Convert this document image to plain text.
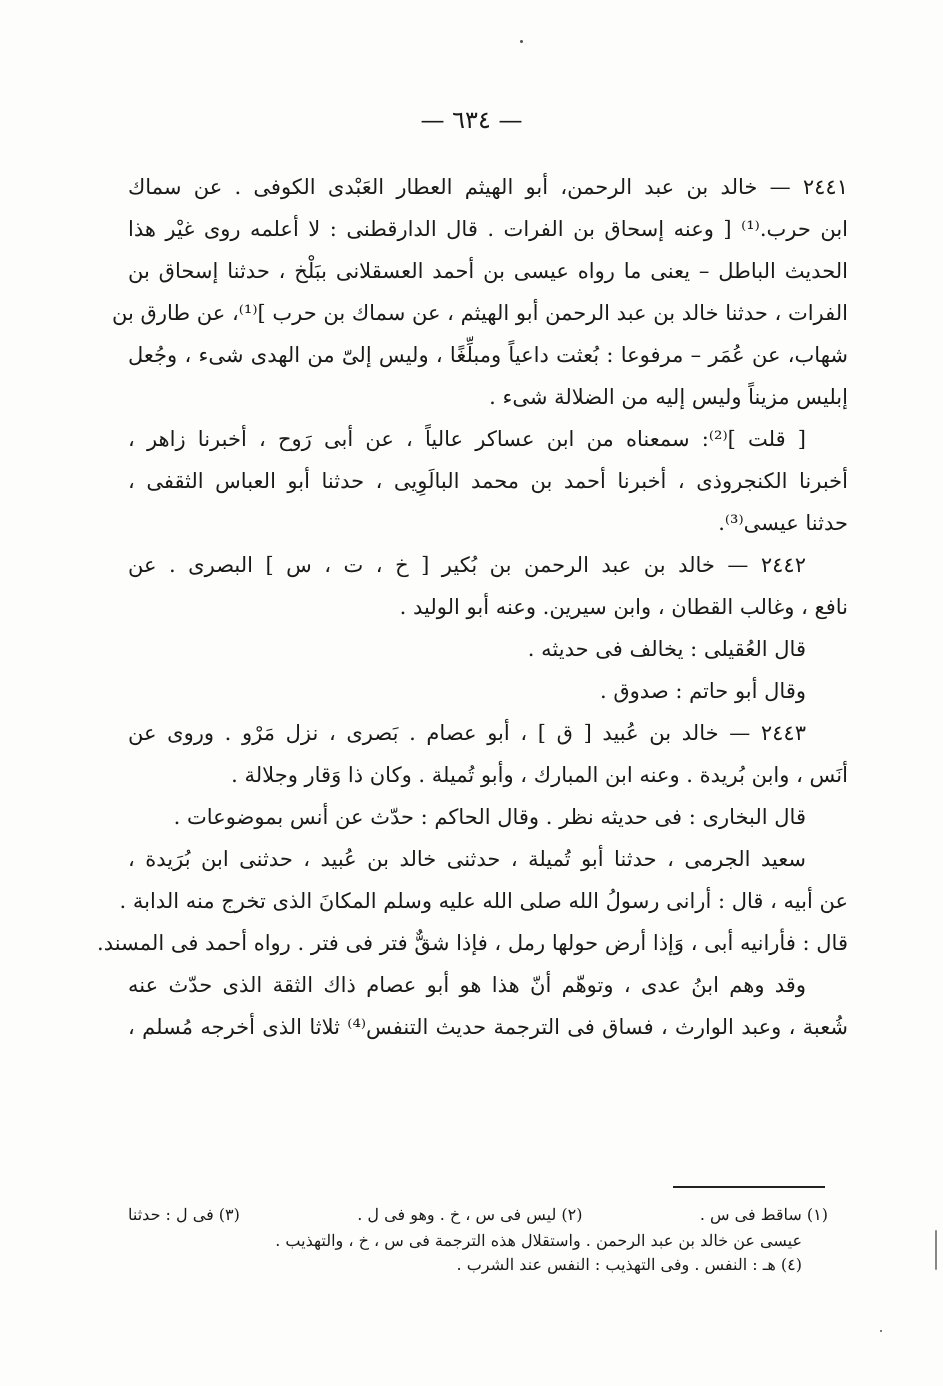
— ٦٣٤ —
٢٤٤١ — خالد بن عبد الرحمن، أبو الهيثم العطار العَبْدى الكوفى . عن سماك
ابن حرب.⁽¹⁾ [ وعنه إسحاق بن الفرات . قال الدارقطنى : لا أعلمه روى غيْر هذا
الحديث الباطل – يعنى ما رواه عيسى بن أحمد العسقلانى ببَلْخ ، حدثنا إسحاق بن
الفرات ، حدثنا خالد بن عبد الرحمن أبو الهيثم ، عن سماك بن حرب ]⁽¹⁾، عن طارق بن
شهاب، عن عُمَر – مرفوعا : بُعثت داعياً ومبلِّغًا ، وليس إلىّ من الهدى شىء ، وجُعل
إبليس مزيناً وليس إليه من الضلالة شىء .
[ قلت ]⁽²⁾: سمعناه من ابن عساكر عالياً ، عن أبى رَوح ، أخبرنا زاهر ،
أخبرنا الكنجروذى ، أخبرنا أحمد بن محمد البالَوِيى ، حدثنا أبو العباس الثقفى ،
حدثنا عيسى⁽³⁾.
٢٤٤٢ — خالد بن عبد الرحمن بن بُكير [ خ ، ت ، س ] البصرى . عن
نافع ، وغالب القطان ، وابن سيرين. وعنه أبو الوليد .
قال العُقيلى : يخالف فى حديثه .
وقال أبو حاتم : صدوق .
٢٤٤٣ — خالد بن عُبيد [ ق ] ، أبو عصام . بَصرى ، نزل مَرْو . وروى عن
أنَس ، وابن بُريدة . وعنه ابن المبارك ، وأبو تُميلة . وكان ذا وَقار وجلالة .
قال البخارى : فى حديثه نظر . وقال الحاكم : حدّث عن أنس بموضوعات .
سعيد الجرمى ، حدثنا أبو تُميلة ، حدثنى خالد بن عُبيد ، حدثنى ابن بُرَيدة ،
عن أبيه ، قال : أرانى رسولُ الله صلى الله عليه وسلم المكانَ الذى تخرج منه الدابة .
قال : فأرانيه أبى ، وَإذا أرض حولها رمل ، فإذا شقٌّ فتر فى فتر . رواه أحمد فى المسند.
وقد وهم ابنُ عدى ، وتوهّم أنّ هذا هو أبو عصام ذاك الثقة الذى حدّث عنه
شُعبة ، وعبد الوارث ، فساق فى الترجمة حديث التنفس⁽⁴⁾ ثلاثا الذى أخرجه مُسلم ،
(١) ساقط فى س .
(٢) ليس فى س ، خ . وهو فى ل .
(٣) فى ل : حدثنا
عيسى عن خالد بن عبد الرحمن . واستقلال هذه الترجمة فى س ، خ ، والتهذيب .
(٤) هـ : النفس . وفى التهذيب : النفس عند الشرب .
